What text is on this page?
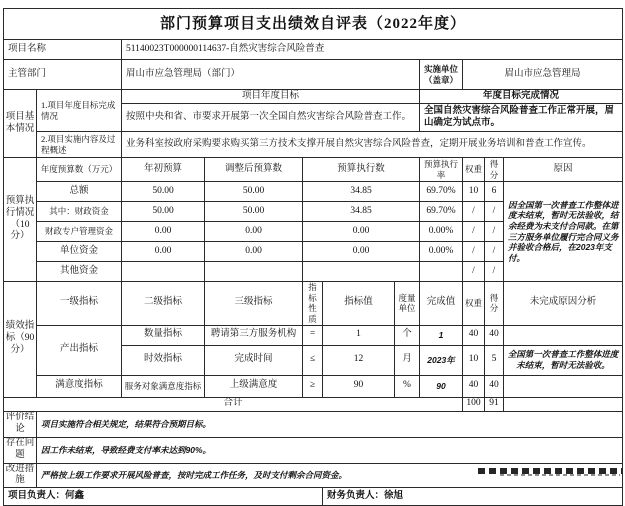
部门预算项目支出绩效自评表（2022年度）										
项目名称		51140023T000000114637-自然灾害综合风险普查								
主管部门		眉山市应急管理局（部门）					实施单位（盖章）	眉山市应急管理局		
项目基本情况	1.项目年度目标完成情况	项目年度目标					年度目标完成情况			
		按照中央和省、市要求开展第一次全国自然灾害综合风险普查工作。					全国自然灾害综合风险普查工作正常开展，眉山确定为试点市。			
	2.项目实施内容及过程概述	业务科室按政府采购要求购买第三方技术支撑开展自然灾害综合风险普查，定期开展业务培训和普查工作宣传。								
预算执行情况（10分）	年度预算数（万元）	年初预算	调整后预算数	预算执行数			预算执行率	权重	得分	原因
	总额	50.00	50.00	34.85			69.70%	10	6	因全国第一次普查工作整体进度未结束，暂时无法验收，结余经费为未支付合同款。在第三方服务单位履行完合同义务并验收合格后，在2023年支付。
	其中：财政资金	50.00	50.00	34.85			69.70%	/	/	
	财政专户管理资金	0.00	0.00	0.00			0.00%	/	/	
	单位资金	0.00	0.00	0.00			0.00%	/	/	
	其他资金							/	/	
绩效指标（90分）	一级指标	二级指标	三级指标	指标性质	指标值	度量单位	完成值	权重	得分	未完成原因分析
	产出指标	数量指标	聘请第三方服务机构	=	1	个	1	40	40	
		时效指标	完成时间	≤	12	月	2023年	10	5	全国第一次普查工作整体进度未结束，暂时无法验收。
	满意度指标	服务对象满意度指标	上级满意度	≥	90	%	90	40	40	
合计								100	91	
评价结论	项目实施符合相关规定，结果符合预期目标。									
存在问题	因工作未结束，导致经费支付率未达到90%。									
改进措施	严格按上级工作要求开展风险普查，按时完成工作任务，及时支付剩余合同资金。									
项目负责人：何鑫					财务负责人：徐旭					
